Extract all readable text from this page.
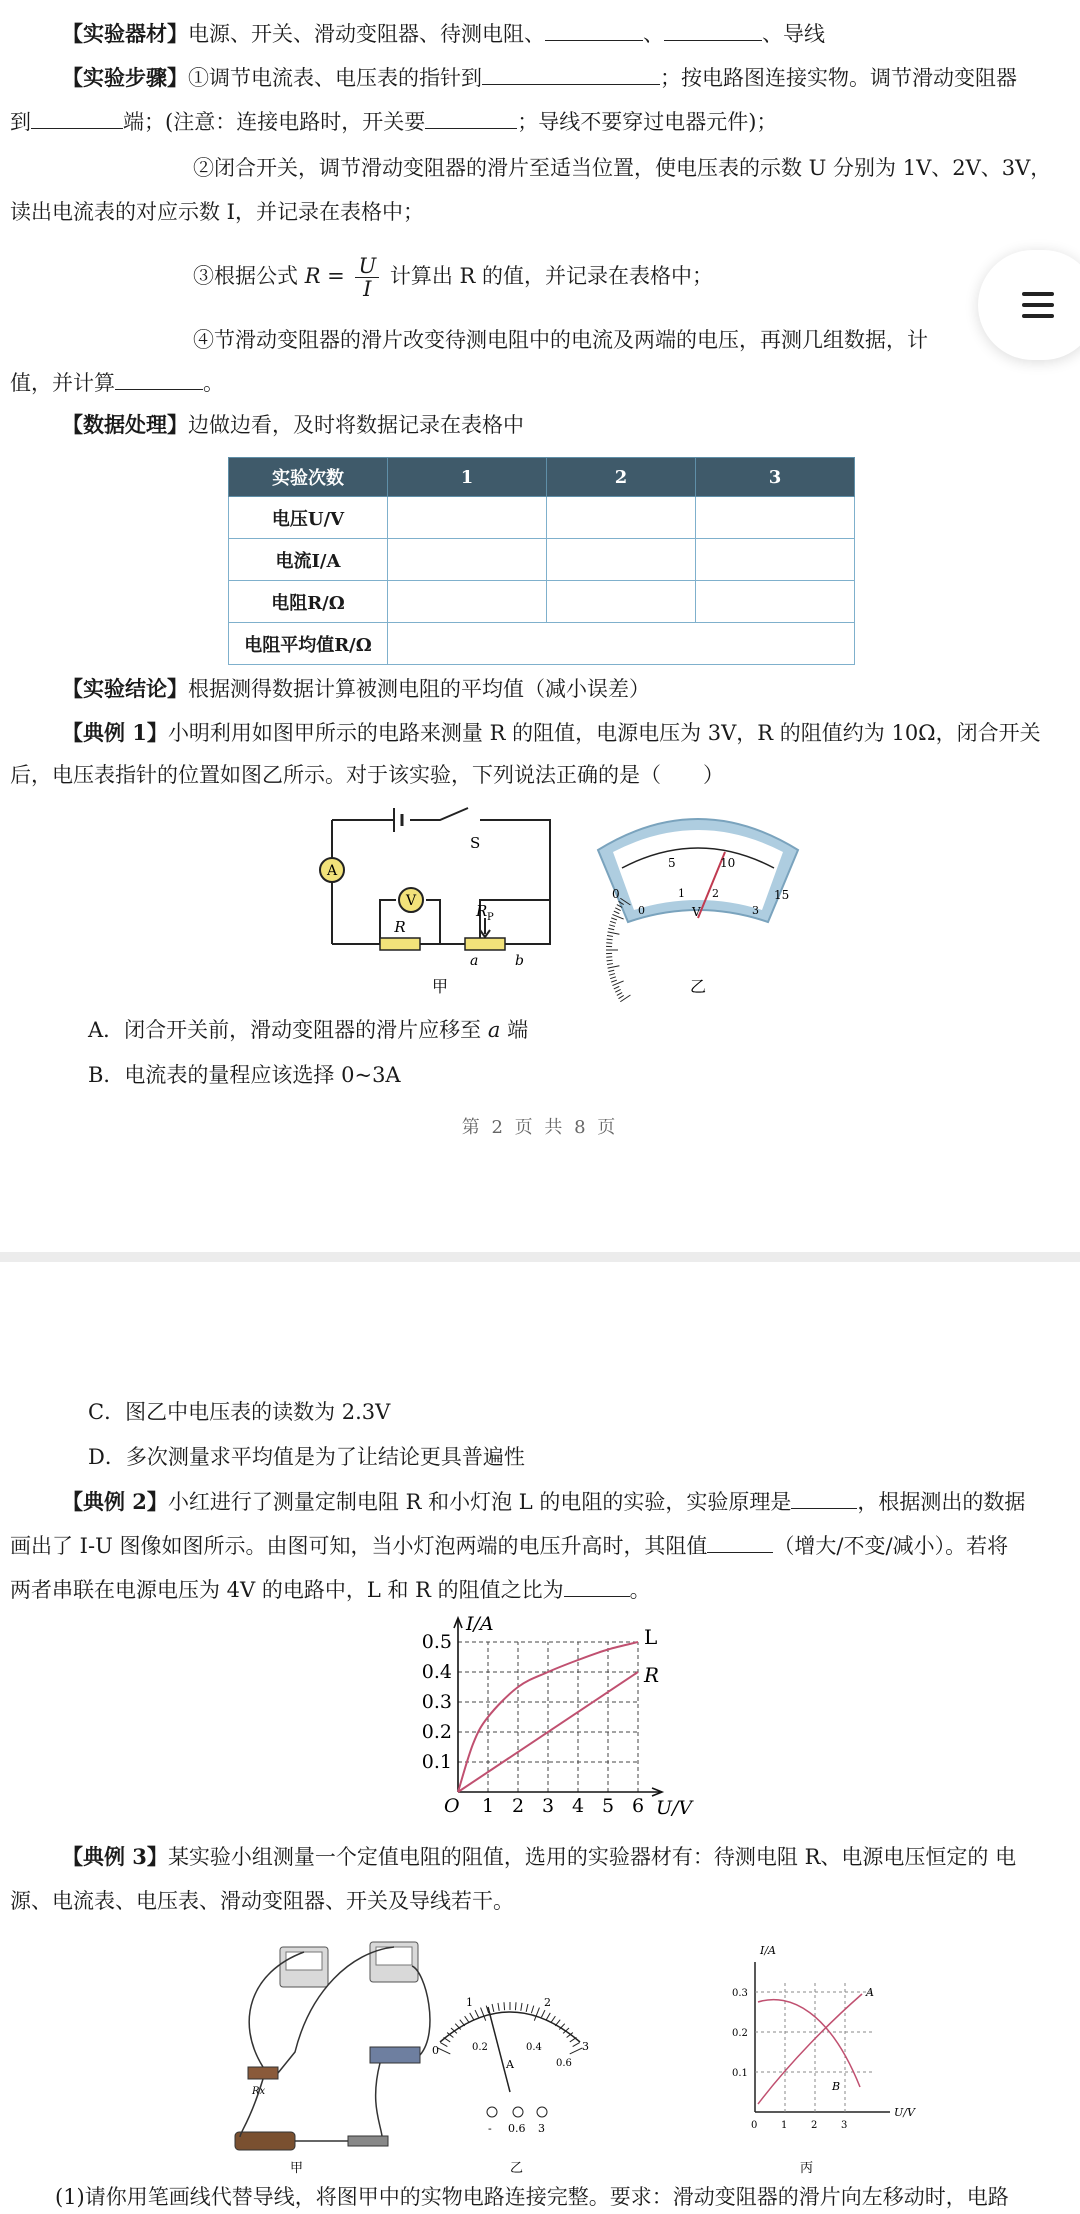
【实验器材】电源、开关、滑动变阻器、待测电阻、	、	、导线
【实验步骤】①调节电流表、电压表的指针到	；按电路图连接实物。调节滑动变阻器
到	端；(注意：连接电路时，开关要	；导线不要穿过电器元件)；
②闭合开关，调节滑动变阻器的滑片至适当位置，使电压表的示数 U 分别为 1V、2V、3V，
读出电流表的对应示数 I，并记录在表格中；
③根据公式 $R = \frac{U}{I}$ 计算出 R 的值，并记录在表格中；
④节滑动变阻器的滑片改变待测电阻中的电流及两端的电压，再测几组数据，计
值，并计算	。
【数据处理】边做边看，及时将数据记录在表格中
实验次数	1	2	3
电压U/V			
电流I/A			
电阻R/Ω			
电阻平均值R/Ω			
【实验结论】根据测得数据计算被测电阻的平均值（减小误差）
【典例 1】小明利用如图甲所示的电路来测量 R 的阻值，电源电压为 3V，R 的阻值约为 10Ω，闭合开关
后，电压表指针的位置如图乙所示。对于该实验，下列说法正确的是（　　）
A
V
R
R P
S
a	b
甲
0
5	10
15
0
1 2
3
V
乙
A．闭合开关前，滑动变阻器的滑片应移至 a 端
B．电流表的量程应该选择 0~3A
第 2 页 共 8 页
C．图乙中电压表的读数为 2.3V
D．多次测量求平均值是为了让结论更具普遍性
【典例 2】小红进行了测量定制电阻 R 和小灯泡 L 的电阻的实验，实验原理是	，根据测出的数据
画出了 I-U 图像如图所示。由图可知，当小灯泡两端的电压升高时，其阻值	（增大/不变/减小）。若将
两者串联在电源电压为 4V 的电路中，L 和 R 的阻值之比为	。
1 2 3 4 5 6
0.1
0.2
0.3
0.4
0.5
O
I/A
U/V
L
R
【典例 3】某实验小组测量一个定值电阻的阻值，选用的实验器材有：待测电阻 R、电源电压恒定的 电
源、电流表、电压表、滑动变阻器、开关及导线若干。
Rx
甲
0
1	2
3
0.2	0.4
0.6
A
- 0.6 3
乙
I/A
U/V
0.3
0.2
0.1
0 1 2 3
A
B
丙
(1)请你用笔画线代替导线，将图甲中的实物电路连接完整。要求：滑动变阻器的滑片向左移动时，电路
